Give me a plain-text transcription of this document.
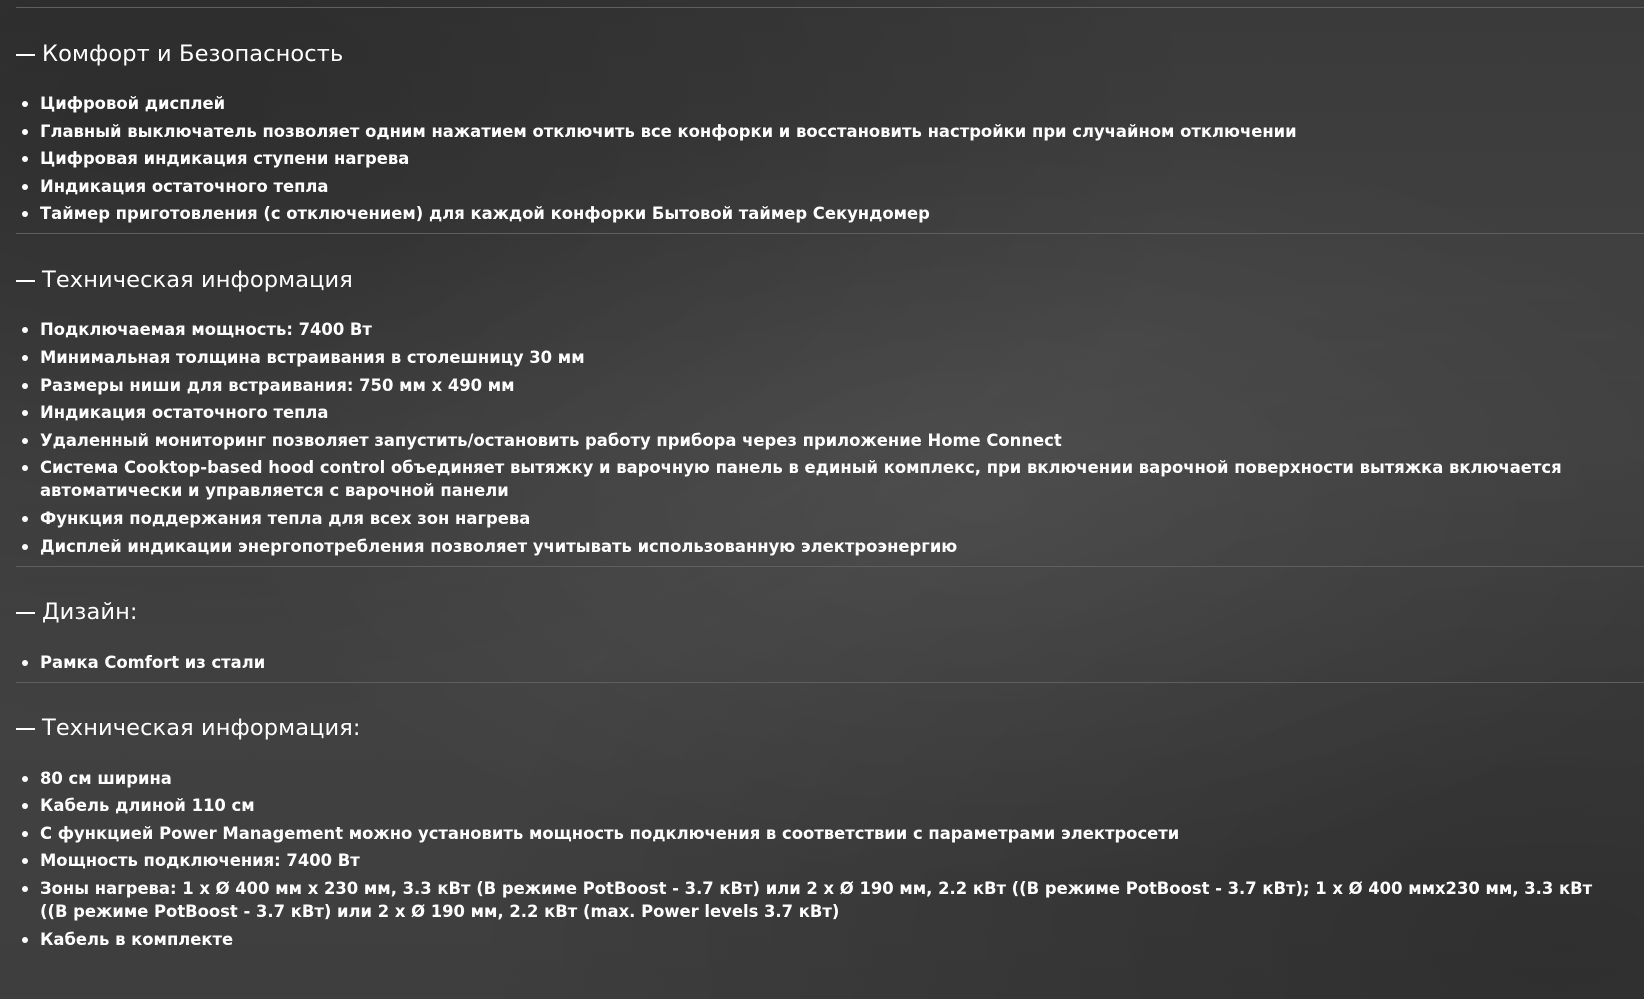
Комфорт и Безопасность
Цифровой дисплей
Главный выключатель позволяет одним нажатием отключить все конфорки и восстановить настройки при случайном отключении
Цифровая индикация ступени нагрева
Индикация остаточного тепла
Таймер приготовления (с отключением) для каждой конфорки Бытовой таймер Секундомер
Техническая информация
Подключаемая мощность: 7400 Вт
Минимальная толщина встраивания в столешницу 30 мм
Размеры ниши для встраивания: 750 мм x 490 мм
Индикация остаточного тепла
Удаленный мониторинг позволяет запустить/остановить работу прибора через приложение Home Connect
Система Cooktop-based hood control объединяет вытяжку и варочную панель в единый комплекс, при включении варочной поверхности вытяжка включается автоматически и управляется с варочной панели
Функция поддержания тепла для всех зон нагрева
Дисплей индикации энергопотребления позволяет учитывать использованную электроэнергию
Дизайн:
Рамка Comfort из стали
Техническая информация:
80 см ширина
Кабель длиной 110 см
С функцией Power Management можно установить мощность подключения в соответствии с параметрами электросети
Мощность подключения: 7400 Вт
Зоны нагрева: 1 x Ø 400 мм x 230 мм, 3.3 кВт (В режиме PotBoost - 3.7 кВт) или 2 x Ø 190 мм, 2.2 кВт ((В режиме PotBoost - 3.7 кВт); 1 x Ø 400 ммx230 мм, 3.3 кВт ((В режиме PotBoost - 3.7 кВт) или 2 x Ø 190 мм, 2.2 кВт (max. Power levels 3.7 кВт)
Кабель в комплекте
